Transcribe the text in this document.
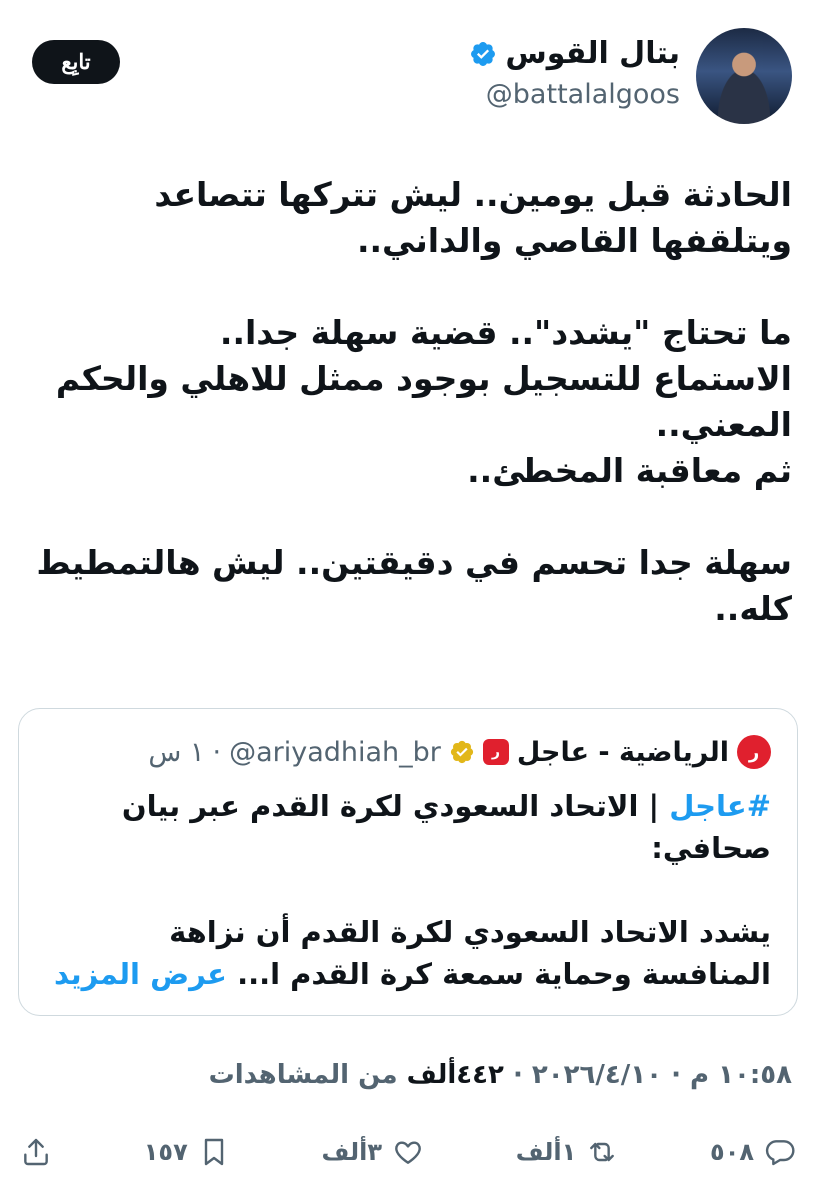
بتال القوس
@battalalgoos
تابِع
الحادثة قبل يومين.. ليش تتركها تتصاعد ويتلقفها القاصي والداني..

ما تحتاج "يشدد".. قضية سهلة جدا..
الاستماع للتسجيل بوجود ممثل للاهلي والحكم المعني..
ثم معاقبة المخطئ..

سهلة جدا تحسم في دقيقتين.. ليش هالتمطيط كله..
ر
الرياضية - عاجل
ر
@ariyadhiah_br
·
١ س
#عاجل | الاتحاد السعودي لكرة القدم عبر بيان صحافي:
يشدد الاتحاد السعودي لكرة القدم أن نزاهة المنافسة وحماية سمعة كرة القدم ا... عرض المزيد
١٠:٥٨ م · ٢٠٢٦/٤/١٠ · ٤٤٢ألف من المشاهدات
٥٠٨
١ألف
٣ألف
١٥٧
